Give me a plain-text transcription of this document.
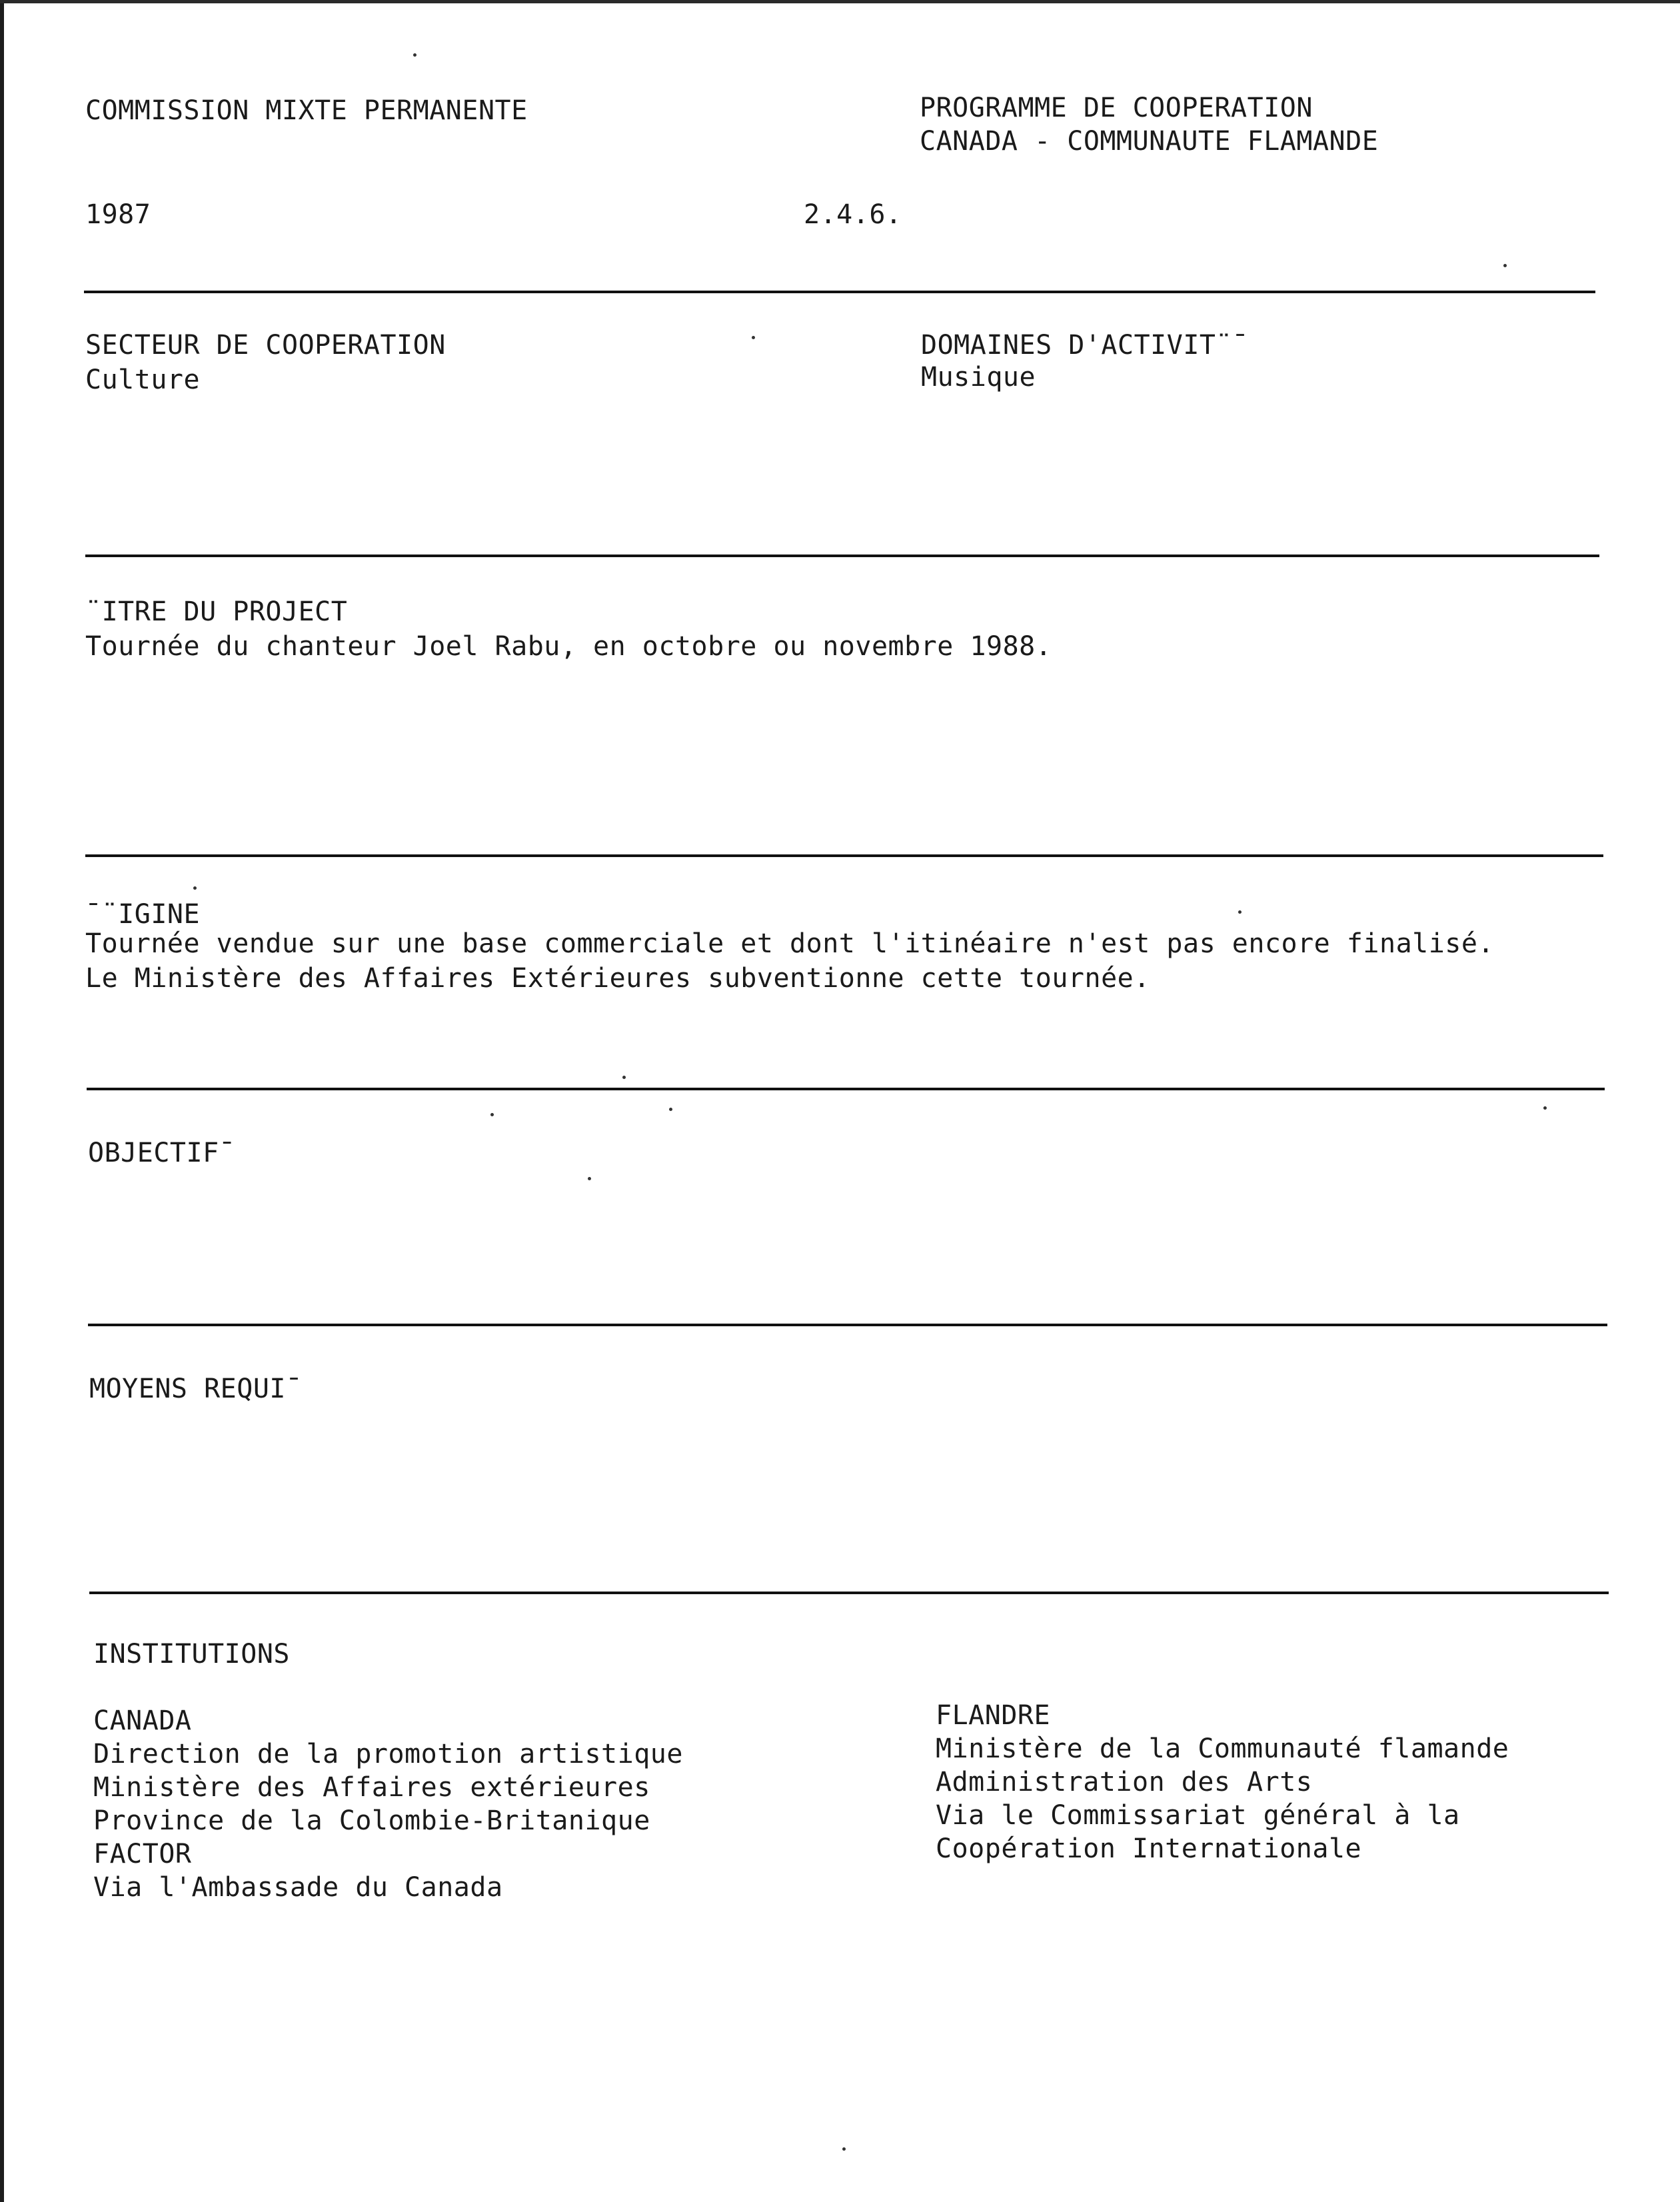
COMMISSION MIXTE PERMANENTE	PROGRAMME DE COOPERATION
CANADA - COMMUNAUTE FLAMANDE
1987	2.4.6.
SECTEUR DE COOPERATION
Culture
DOMAINES D'ACTIVIT¨¯
Musique
¨ITRE DU PROJECT
Tournée du chanteur Joel Rabu, en octobre ou novembre 1988.
¯¨IGINE
Tournée vendue sur une base commerciale et dont l'itinéaire n'est pas encore finalisé.
Le Ministère des Affaires Extérieures subventionne cette tournée.
OBJECTIF¯
MOYENS REQUI¯
INSTITUTIONS
CANADA
Direction de la promotion artistique
Ministère des Affaires extérieures
Province de la Colombie-Britanique
FACTOR
Via l'Ambassade du Canada
FLANDRE
Ministère de la Communauté flamande
Administration des Arts
Via le Commissariat général à la
Coopération Internationale
